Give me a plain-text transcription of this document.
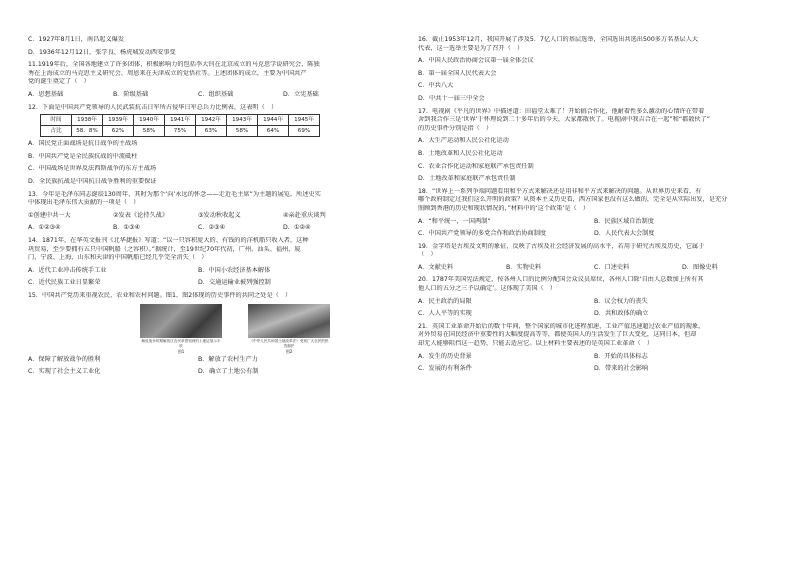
C．1927年8月1日，南昌起义爆发
D．1936年12月12日，张学良、杨虎城发动西安事变
11.1919年后，全国各地建立了许多团体，积极影响力的包括李大钊在北京成立的马克思学说研究会、陈独
秀在上海成立的马克思主义研究会、周恩来在天津成立的觉悟社等。上述团体的成立，主要为中国共产
党的诞生奠定了（　）
A．思想基础	B．阶级基础	C．组织基础	D．立宪基础
12．下面是中国共产党领导的人民武装抗击日军所占侵华日军总兵力比例表，这表明（　）
时间	1938年	1939年	1940年	1941年	1942年	1943年	1944年	1945年
占比	58．8%	62%	58%	75%	63%	58%	64%	69%
A．国民党正面战场是抗日战争的主战场
B．中国共产党是全民族抗战的中流砥柱
C．中国战场是世界反法西斯战争的东方主战场
D．全民族抗战是中国抗日战争胜利的重要保证
13．今年是毛泽东同志诞辰130周年，其时为那个‘向’永远的怀念——走近毛主席”为主题的展览。所述史实
中体现出毛泽东伟大贡献的一项是（　）
①创建中共一大	②发表《论持久战》	③发动秋收起义	④亲赴重庆谈判
A．①②③④	B．①③④	C．②③④	D．①②④
14．1871年，在华英文报刊《北华捷报》写道：“以一只容积庞大的、有钱的的洋机船只收入者，这种
巩贸易，至少要拥有五只中国帆船（之容积）。”据统计，至19世纪70年代初，广州、汕头、福州、厦
门、宁波、上海、山东和天津的中国帆船已经几乎完全消失（　）
A．近代工业冲击传统手工业	B．中国小农经济基本解体
C．近代民族工业日显繁荣	D．交通运输业被列强控制
15．中国共产党历来重视农民、农业和农村问题。图1、图2体现的历史事件的共同之处是（　）
解放战争时期解放区农民拿着划到的土地证展示丰收
图1
《中华人民共和国土地改革法》受到广大农民的热烈拥护
图2
A．保障了解放战争的胜利	B．解放了农村生产力
C．实现了社会主义工业化	D．确立了土地公有制
16．截止1953年12月，我国开展了涉及5．7亿人口的基层选举，全国选出共选出500多万名基层人大
代表，这一选举主要是为了召开（　）
A．中国人民政治协商会议第一届全体会议
B．第一届全国人民代表大会
C．中共八大
D．中共十一届三中全会
17．电视剧《平凡的世界》中描述道：田福堂太难了！开始搞合作化，他耐着性多么激动的心情许在带着
舍到我合作三是‘世界’于怀理说到二十多年后的今天，大家都散伙了。电视剧中我吉合在一起”和“都散伙了”
的历史事件分别是指（　）
A．大生产运动和人民公社化运动
B．土地改革和人民公社化运动
C．农业合作化运动和家庭联产承包责任制
D．土地改革和家庭联产承包责任制
18．“世界上一系列争端问题看用和平方式来解决还是用非和平方式来解决的问题。从世界历史来看，有
哪个政府制定过我们这么开明的政策？从资本主义历史看，西方国家也没有这么做的，完全是从实际出发，是充分
照顾到香港的历史和现状情况的，”材料中的‘这个政策’是（　）
A．“和平统一，一国两制”	B．民族区域自治制度
C．中国共产党领导的多党合作和政治协商制度	D．人民代表大会制度
19．金字塔是古埃及文明的象征，反映了古埃及社会经济发展的高水平，若用于研究古埃及历史，它属于
（　）
A．文献史料	B．实物史料	C．口述史料	D．图像史料
20．1787年美国宪法规定，按各州人口的比例分配国会众议员席位，各州人口除‘自由人总数加上所有其
他人口的五分之三予以确定’。这体现了美国（　）
A．民主政治的局限	B．议会权力的丧失
C．人人平等的实现	D．共和政体的确立
21．英国工业革命开始后的数十年间，整个国家的城市化进程加速，工业产值迅速超过农业产值的现象，
对外贸易在国民经济中重要性的大幅度提高等等，都使英国人的生活发生了巨大变化，这同日本，但却
却无人能够阻挡这一趋势，只能去适应它。以上材料主要表述的是英国工业革命（　）
A．发生的历史背景	B．开始的具体标志
C．发展的有利条件	D．带来的社会影响
